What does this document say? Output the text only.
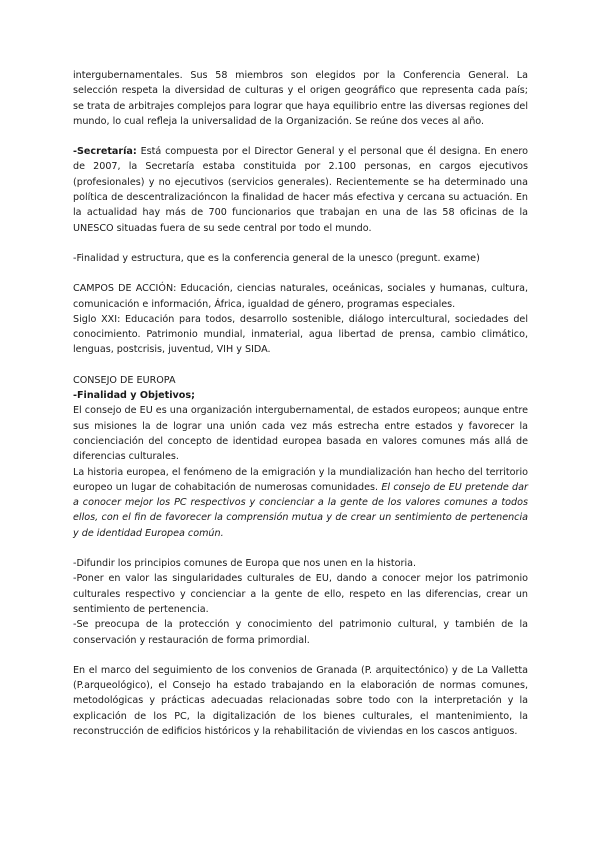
intergubernamentales. Sus 58 miembros son elegidos por la Conferencia General. La selección respeta la diversidad de culturas y el origen geográfico que representa cada país; se trata de arbitrajes complejos para lograr que haya equilibrio entre las diversas regiones del mundo, lo cual refleja la universalidad de la Organización. Se reúne dos veces al año.

-Secretaría: Está compuesta por el Director General y el personal que él designa. En enero de 2007, la Secretaría estaba constituida por 2.100 personas, en cargos ejecutivos (profesionales) y no ejecutivos (servicios generales). Recientemente se ha determinado una política de descentralizacióncon la finalidad de hacer más efectiva y cercana su actuación. En la actualidad hay más de 700 funcionarios que trabajan en una de las 58 oficinas de la UNESCO situadas fuera de su sede central por todo el mundo.

-Finalidad y estructura, que es la conferencia general de la unesco (pregunt. exame)

CAMPOS DE ACCIÓN: Educación, ciencias naturales, oceánicas, sociales y humanas, cultura, comunicación e información, África, igualdad de género, programas especiales.

Siglo XXI: Educación para todos, desarrollo sostenible, diálogo intercultural, sociedades del conocimiento. Patrimonio mundial, inmaterial, agua libertad de prensa, cambio climático, lenguas, postcrisis, juventud, VIH y SIDA.

CONSEJO DE EUROPA

-Finalidad y Objetivos;

El consejo de EU es una organización intergubernamental, de estados europeos; aunque entre sus misiones la de lograr una unión cada vez más estrecha entre estados y favorecer la concienciación del concepto de identidad europea basada en valores comunes más allá de diferencias culturales.

La historia europea, el fenómeno de la emigración y la mundialización han hecho del territorio europeo un lugar de cohabitación de numerosas comunidades. El consejo de EU pretende dar a conocer mejor los PC respectivos y concienciar a la gente de los valores comunes a todos ellos, con el fin de favorecer la comprensión mutua y de crear un sentimiento de pertenencia y de identidad Europea común.

-Difundir los principios comunes de Europa que nos unen en la historia.

-Poner en valor las singularidades culturales de EU, dando a conocer mejor los patrimonio culturales respectivo y concienciar a la gente de ello, respeto en las diferencias, crear un sentimiento de pertenencia.

-Se preocupa de la protección y conocimiento del patrimonio cultural, y también de la conservación y restauración de forma primordial.

En el marco del seguimiento de los convenios de Granada (P. arquitectónico) y de La Valletta (P.arqueológico), el Consejo ha estado trabajando en la elaboración de normas comunes, metodológicas y prácticas adecuadas relacionadas sobre todo con la interpretación y la explicación de los PC, la digitalización de los bienes culturales, el mantenimiento, la reconstrucción de edificios históricos y la rehabilitación de viviendas en los cascos antiguos.
